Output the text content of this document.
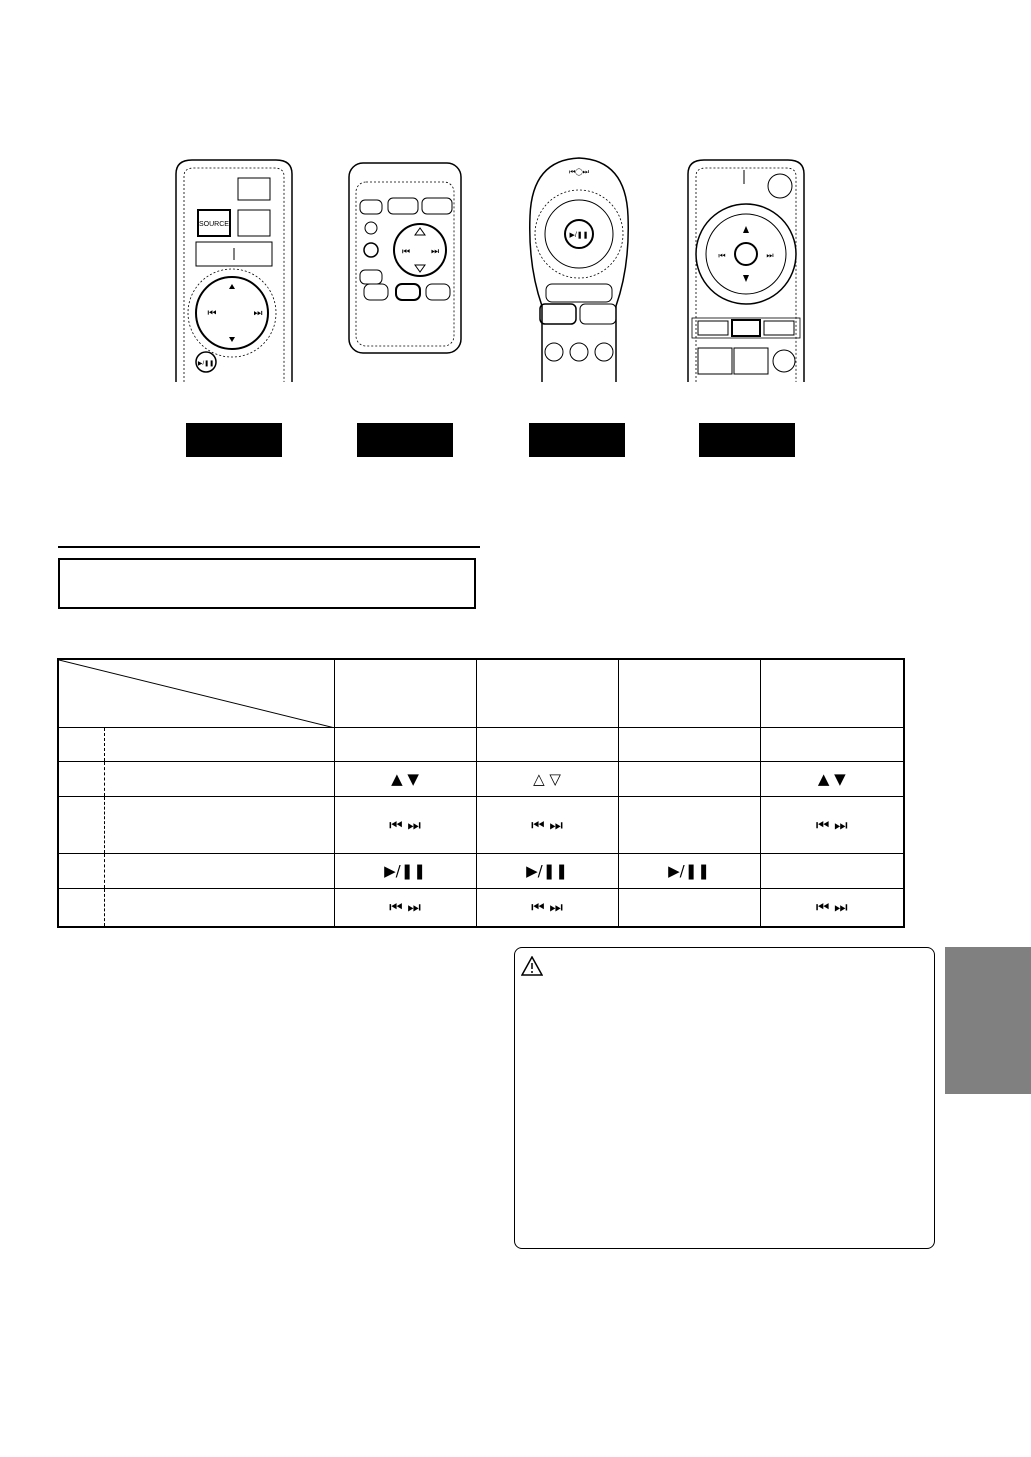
SOURCE
⏮	⏭
▶/❚❚
⏮ ⏭
⏮◯⏭
▶/❚❚
⏮	⏭

		▲ ▼	△ ▽		▲ ▼
		⏮ ⏭	⏮ ⏭		⏮ ⏭
		▶/❚❚	▶/❚❚	▶/❚❚	
		⏮ ⏭	⏮ ⏭		⏮ ⏭
